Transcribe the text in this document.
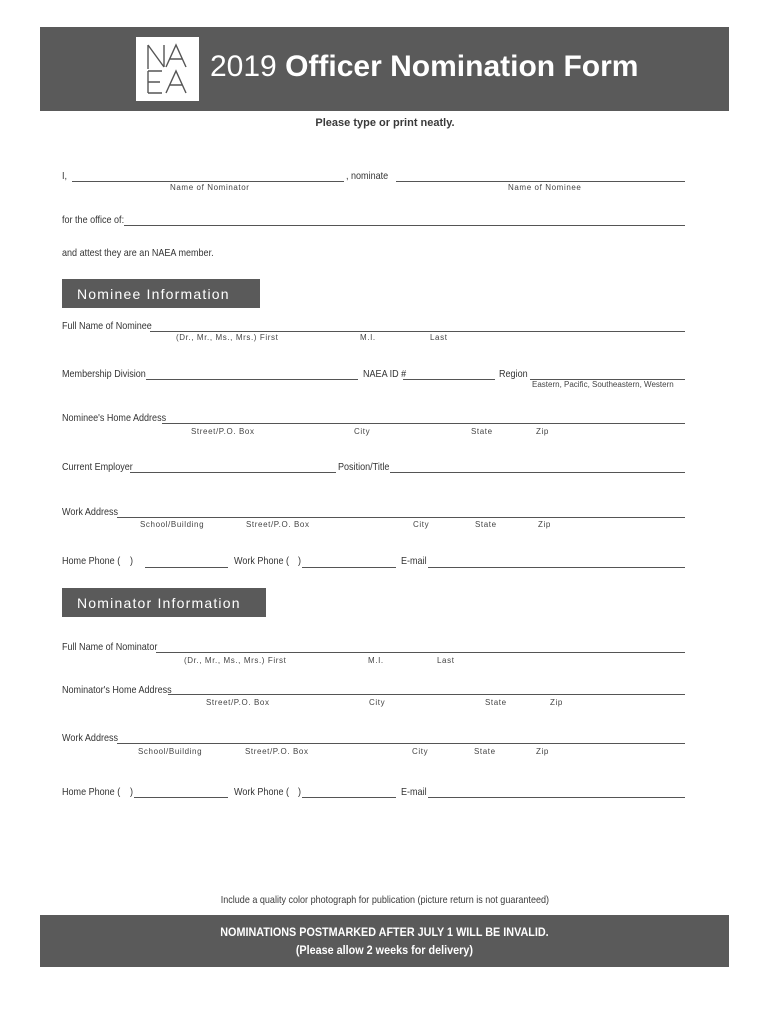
2019 Officer Nomination Form
Please type or print neatly.
I,	, nominate
Name of Nominator	Name of Nominee
for the office of:
and attest they are an NAEA member.
Nominee Information
Full Name of Nominee
(Dr., Mr., Ms., Mrs.) First	M.I.	Last
Membership Division	NAEA ID #	Region
Eastern, Pacific, Southeastern, Western
Nominee's Home Address
Street/P.O. Box	City	State	Zip
Current Employer	Position/Title
Work Address
School/Building	Street/P.O. Box	City	State	Zip
Home Phone ( )	Work Phone ( )	E-mail
Nominator Information
Full Name of Nominator
(Dr., Mr., Ms., Mrs.) First	M.I.	Last
Nominator's Home Address
Street/P.O. Box	City	State	Zip
Work Address
School/Building	Street/P.O. Box	City	State	Zip
Home Phone ( )	Work Phone ( )	E-mail
Include a quality color photograph for publication (picture return is not guaranteed)
NOMINATIONS POSTMARKED AFTER JULY 1 WILL BE INVALID.
(Please allow 2 weeks for delivery)
